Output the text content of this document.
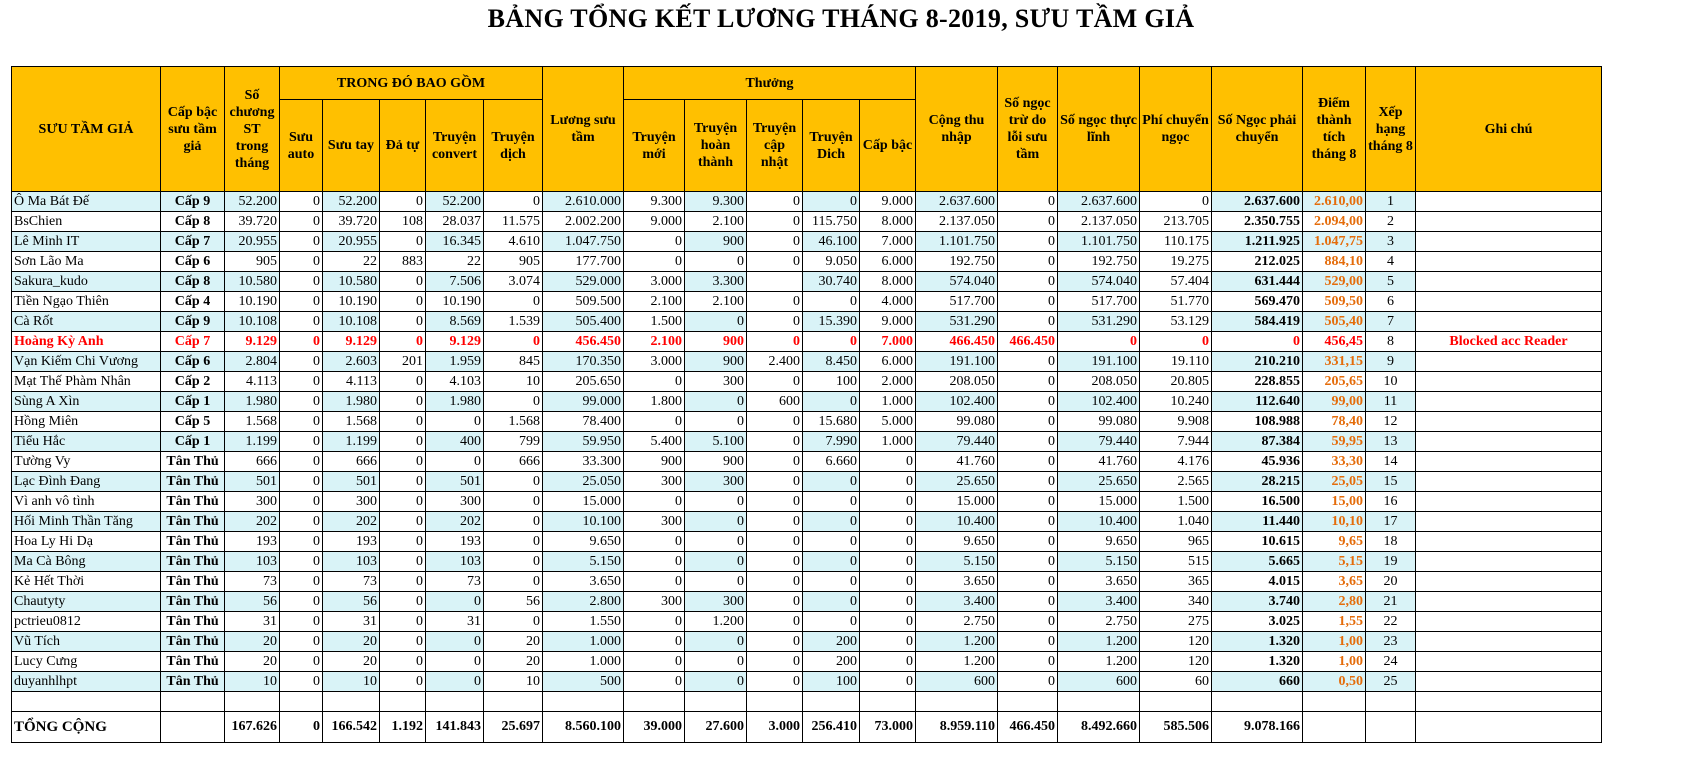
BẢNG TỔNG KẾT LƯƠNG THÁNG 8-2019, SƯU TẦM GIẢ
SƯU TẦM GIẢ	Cấp bậc sưu tầm giả	Số chương ST trong tháng	TRONG ĐÓ BAO GỒM					Lương sưu tầm	Thưởng					Cộng thu nhập	Số ngọc trừ do lỗi sưu tầm	Số ngọc thực lĩnh	Phí chuyển ngọc	Số Ngọc phải chuyển	Điểm thành tích tháng 8	Xếp hạng tháng 8	Ghi chú
			Sưu auto	Sưu tay	Đả tự	Truyện convert	Truyện dịch		Truyện mới	Truyện hoàn thành	Truyện cập nhật	Truyện Dich	Cấp bậc								
Ô Ma Bát Đế	Cấp 9	52.200	0	52.200	0	52.200	0	2.610.000	9.300	9.300	0	0	9.000	2.637.600	0	2.637.600	0	2.637.600	2.610,00	1	
BsChien	Cấp 8	39.720	0	39.720	108	28.037	11.575	2.002.200	9.000	2.100	0	115.750	8.000	2.137.050	0	2.137.050	213.705	2.350.755	2.094,00	2	
Lê Minh IT	Cấp 7	20.955	0	20.955	0	16.345	4.610	1.047.750	0	900	0	46.100	7.000	1.101.750	0	1.101.750	110.175	1.211.925	1.047,75	3	
Sơn Lão Ma	Cấp 6	905	0	22	883	22	905	177.700	0	0	0	9.050	6.000	192.750	0	192.750	19.275	212.025	884,10	4	
Sakura_kudo	Cấp 8	10.580	0	10.580	0	7.506	3.074	529.000	3.000	3.300		30.740	8.000	574.040	0	574.040	57.404	631.444	529,00	5	
Tiền Ngạo Thiên	Cấp 4	10.190	0	10.190	0	10.190	0	509.500	2.100	2.100	0	0	4.000	517.700	0	517.700	51.770	569.470	509,50	6	
Cà Rốt	Cấp 9	10.108	0	10.108	0	8.569	1.539	505.400	1.500	0	0	15.390	9.000	531.290	0	531.290	53.129	584.419	505,40	7	
Hoàng Kỳ Anh	Cấp 7	9.129	0	9.129	0	9.129	0	456.450	2.100	900	0	0	7.000	466.450	466.450	0	0	0	456,45	8	Blocked acc Reader
Vạn Kiếm Chi Vương	Cấp 6	2.804	0	2.603	201	1.959	845	170.350	3.000	900	2.400	8.450	6.000	191.100	0	191.100	19.110	210.210	331,15	9	
Mạt Thế Phàm Nhân	Cấp 2	4.113	0	4.113	0	4.103	10	205.650	0	300	0	100	2.000	208.050	0	208.050	20.805	228.855	205,65	10	
Sùng A Xìn	Cấp 1	1.980	0	1.980	0	1.980	0	99.000	1.800	0	600	0	1.000	102.400	0	102.400	10.240	112.640	99,00	11	
Hồng Miên	Cấp 5	1.568	0	1.568	0	0	1.568	78.400	0	0	0	15.680	5.000	99.080	0	99.080	9.908	108.988	78,40	12	
Tiểu Hắc	Cấp 1	1.199	0	1.199	0	400	799	59.950	5.400	5.100	0	7.990	1.000	79.440	0	79.440	7.944	87.384	59,95	13	
Tường Vy	Tân Thủ	666	0	666	0	0	666	33.300	900	900	0	6.660	0	41.760	0	41.760	4.176	45.936	33,30	14	
Lạc Đình Đang	Tân Thủ	501	0	501	0	501	0	25.050	300	300	0	0	0	25.650	0	25.650	2.565	28.215	25,05	15	
Vì anh vô tình	Tân Thủ	300	0	300	0	300	0	15.000	0	0	0	0	0	15.000	0	15.000	1.500	16.500	15,00	16	
Hối Minh Thần Tăng	Tân Thủ	202	0	202	0	202	0	10.100	300	0	0	0	0	10.400	0	10.400	1.040	11.440	10,10	17	
Hoa Ly Hi Dạ	Tân Thủ	193	0	193	0	193	0	9.650	0	0	0	0	0	9.650	0	9.650	965	10.615	9,65	18	
Ma Cà Bông	Tân Thủ	103	0	103	0	103	0	5.150	0	0	0	0	0	5.150	0	5.150	515	5.665	5,15	19	
Kẻ Hết Thời	Tân Thủ	73	0	73	0	73	0	3.650	0	0	0	0	0	3.650	0	3.650	365	4.015	3,65	20	
Chautyty	Tân Thủ	56	0	56	0	0	56	2.800	300	300	0	0	0	3.400	0	3.400	340	3.740	2,80	21	
pctrieu0812	Tân Thủ	31	0	31	0	31	0	1.550	0	1.200	0	0	0	2.750	0	2.750	275	3.025	1,55	22	
Vũ Tích	Tân Thủ	20	0	20	0	0	20	1.000	0	0	0	200	0	1.200	0	1.200	120	1.320	1,00	23	
Lucy Cưng	Tân Thủ	20	0	20	0	0	20	1.000	0	0	0	200	0	1.200	0	1.200	120	1.320	1,00	24	
duyanhlhpt	Tân Thủ	10	0	10	0	0	10	500	0	0	0	100	0	600	0	600	60	660	0,50	25	

TỔNG CỘNG		167.626	0	166.542	1.192	141.843	25.697	8.560.100	39.000	27.600	3.000	256.410	73.000	8.959.110	466.450	8.492.660	585.506	9.078.166			
